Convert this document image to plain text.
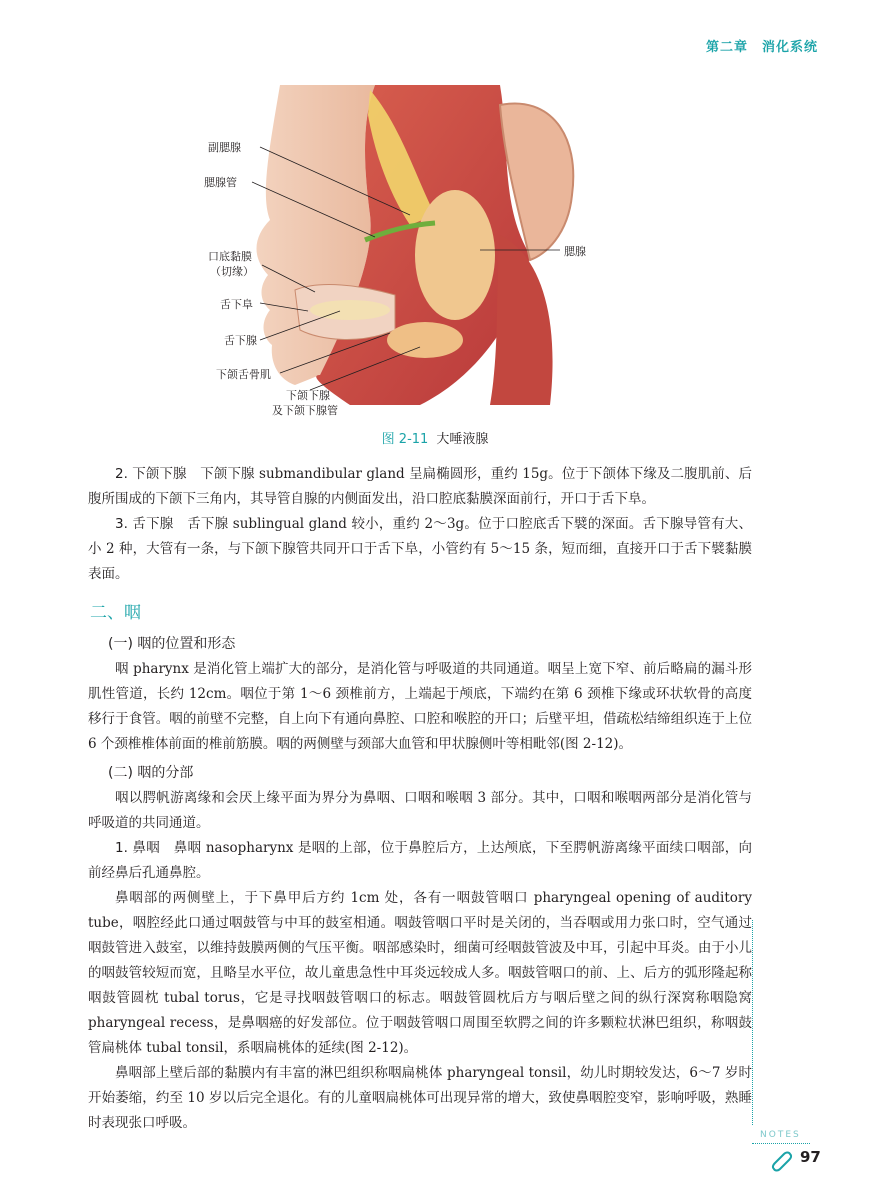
第二章　消化系统
副腮腺
腮腺管
口底黏膜
（切缘）
舌下阜
舌下腺
下颌舌骨肌
下颌下腺
及下颌下腺管
腮腺
图 2-11 大唾液腺

2. 下颌下腺　下颌下腺 submandibular gland 呈扁椭圆形，重约 15g。位于下颌体下缘及二腹肌前、后腹所围成的下颌下三角内，其导管自腺的内侧面发出，沿口腔底黏膜深面前行，开口于舌下阜。

3. 舌下腺　舌下腺 sublingual gland 较小，重约 2～3g。位于口腔底舌下襞的深面。舌下腺导管有大、小 2 种，大管有一条，与下颌下腺管共同开口于舌下阜，小管约有 5～15 条，短而细，直接开口于舌下襞黏膜表面。

二、咽
(一) 咽的位置和形态

咽 pharynx 是消化管上端扩大的部分，是消化管与呼吸道的共同通道。咽呈上宽下窄、前后略扁的漏斗形肌性管道，长约 12cm。咽位于第 1～6 颈椎前方，上端起于颅底，下端约在第 6 颈椎下缘或环状软骨的高度移行于食管。咽的前壁不完整，自上向下有通向鼻腔、口腔和喉腔的开口；后壁平坦，借疏松结缔组织连于上位 6 个颈椎椎体前面的椎前筋膜。咽的两侧壁与颈部大血管和甲状腺侧叶等相毗邻(图 2-12)。

(二) 咽的分部

咽以腭帆游离缘和会厌上缘平面为界分为鼻咽、口咽和喉咽 3 部分。其中，口咽和喉咽两部分是消化管与呼吸道的共同通道。

1. 鼻咽　鼻咽 nasopharynx 是咽的上部，位于鼻腔后方，上达颅底，下至腭帆游离缘平面续口咽部，向前经鼻后孔通鼻腔。

鼻咽部的两侧壁上，于下鼻甲后方约 1cm 处，各有一咽鼓管咽口 pharyngeal opening of auditory tube，咽腔经此口通过咽鼓管与中耳的鼓室相通。咽鼓管咽口平时是关闭的，当吞咽或用力张口时，空气通过咽鼓管进入鼓室，以维持鼓膜两侧的气压平衡。咽部感染时，细菌可经咽鼓管波及中耳，引起中耳炎。由于小儿的咽鼓管较短而宽，且略呈水平位，故儿童患急性中耳炎远较成人多。咽鼓管咽口的前、上、后方的弧形隆起称咽鼓管圆枕 tubal torus，它是寻找咽鼓管咽口的标志。咽鼓管圆枕后方与咽后壁之间的纵行深窝称咽隐窝 pharyngeal recess，是鼻咽癌的好发部位。位于咽鼓管咽口周围至软腭之间的许多颗粒状淋巴组织，称咽鼓管扁桃体 tubal tonsil，系咽扁桃体的延续(图 2-12)。

鼻咽部上壁后部的黏膜内有丰富的淋巴组织称咽扁桃体 pharyngeal tonsil，幼儿时期较发达，6～7 岁时开始萎缩，约至 10 岁以后完全退化。有的儿童咽扁桃体可出现异常的增大，致使鼻咽腔变窄，影响呼吸，熟睡时表现张口呼吸。

NOTES
97
